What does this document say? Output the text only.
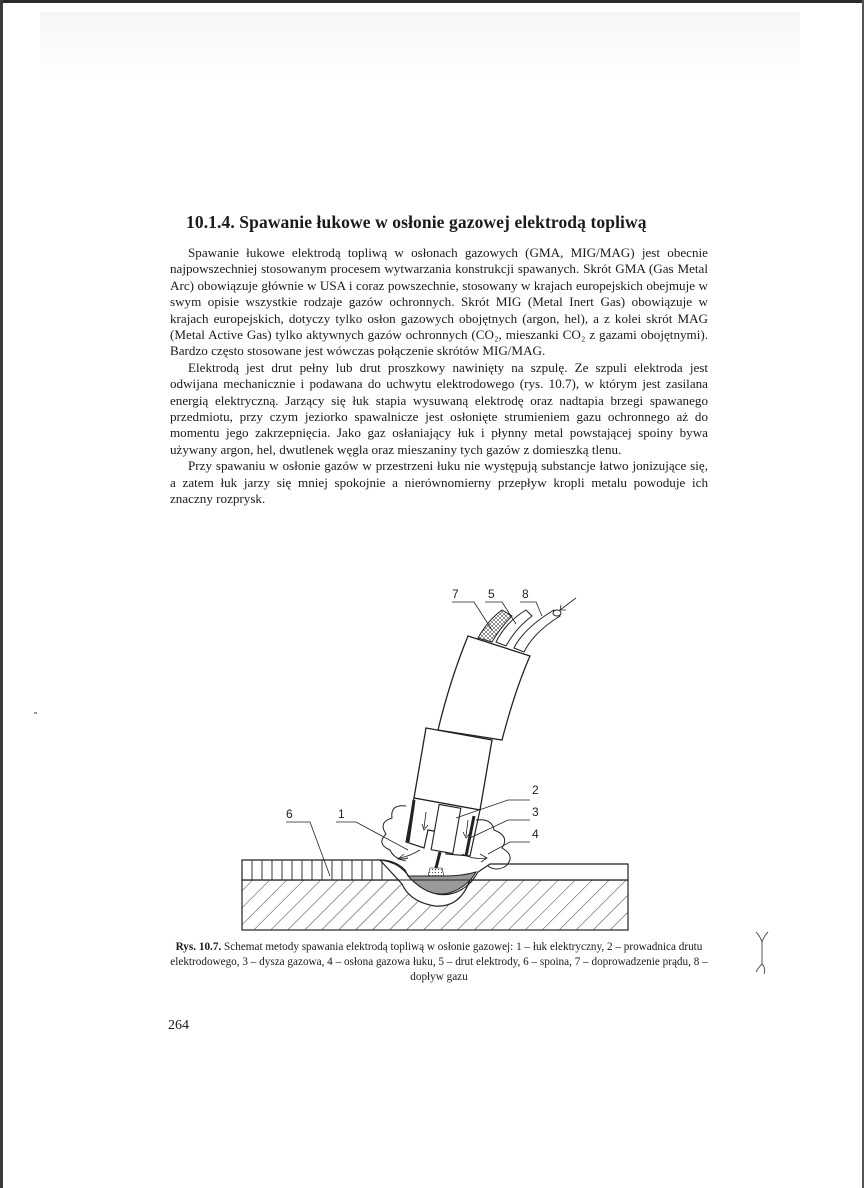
10.1.4. Spawanie łukowe w osłonie gazowej elektrodą topliwą

Spawanie łukowe elektrodą topliwą w osłonach gazowych (GMA, MIG/MAG) jest obecnie najpowszechniej stosowanym procesem wytwarzania konstrukcji spawanych. Skrót GMA (Gas Metal Arc) obowiązuje głównie w USA i coraz powszechnie, stosowany w krajach europejskich obejmuje w swym opisie wszystkie rodzaje gazów ochronnych. Skrót MIG (Metal Inert Gas) obowiązuje w krajach europejskich, dotyczy tylko osłon gazowych obojętnych (argon, hel), a z kolei skrót MAG (Metal Active Gas) tylko aktywnych gazów ochronnych (CO₂, mieszanki CO₂ z gazami obojętnymi). Bardzo często stosowane jest wówczas połączenie skrótów MIG/MAG.

Elektrodą jest drut pełny lub drut proszkowy nawinięty na szpulę. Ze szpuli elektroda jest odwijana mechanicznie i podawana do uchwytu elektrodowego (rys. 10.7), w którym jest zasilana energią elektryczną. Jarzący się łuk stapia wysuwaną elektrodę oraz nadtapia brzegi spawanego przedmiotu, przy czym jeziorko spawalnicze jest osłonięte strumieniem gazu ochronnego aż do momentu jego zakrzepnięcia. Jako gaz osłaniający łuk i płynny metal powstającej spoiny bywa używany argon, hel, dwutlenek węgla oraz mieszaniny tych gazów z domieszką tlenu.

Przy spawaniu w osłonie gazów w przestrzeni łuku nie występują substancje łatwo jonizujące się, a zatem łuk jarzy się mniej spokojnie a nierównomierny przepływ kropli metalu powoduje ich znaczny rozprysk.

7 5 8
2
6	1	3
4
Rys. 10.7. Schemat metody spawania elektrodą topliwą w osłonie gazowej: 1 – łuk elektryczny, 2 – prowadnica drutu elektrodowego, 3 – dysza gazowa, 4 – osłona gazowa łuku, 5 – drut elektrody, 6 – spoina, 7 – doprowadzenie prądu, 8 – dopływ gazu
264
